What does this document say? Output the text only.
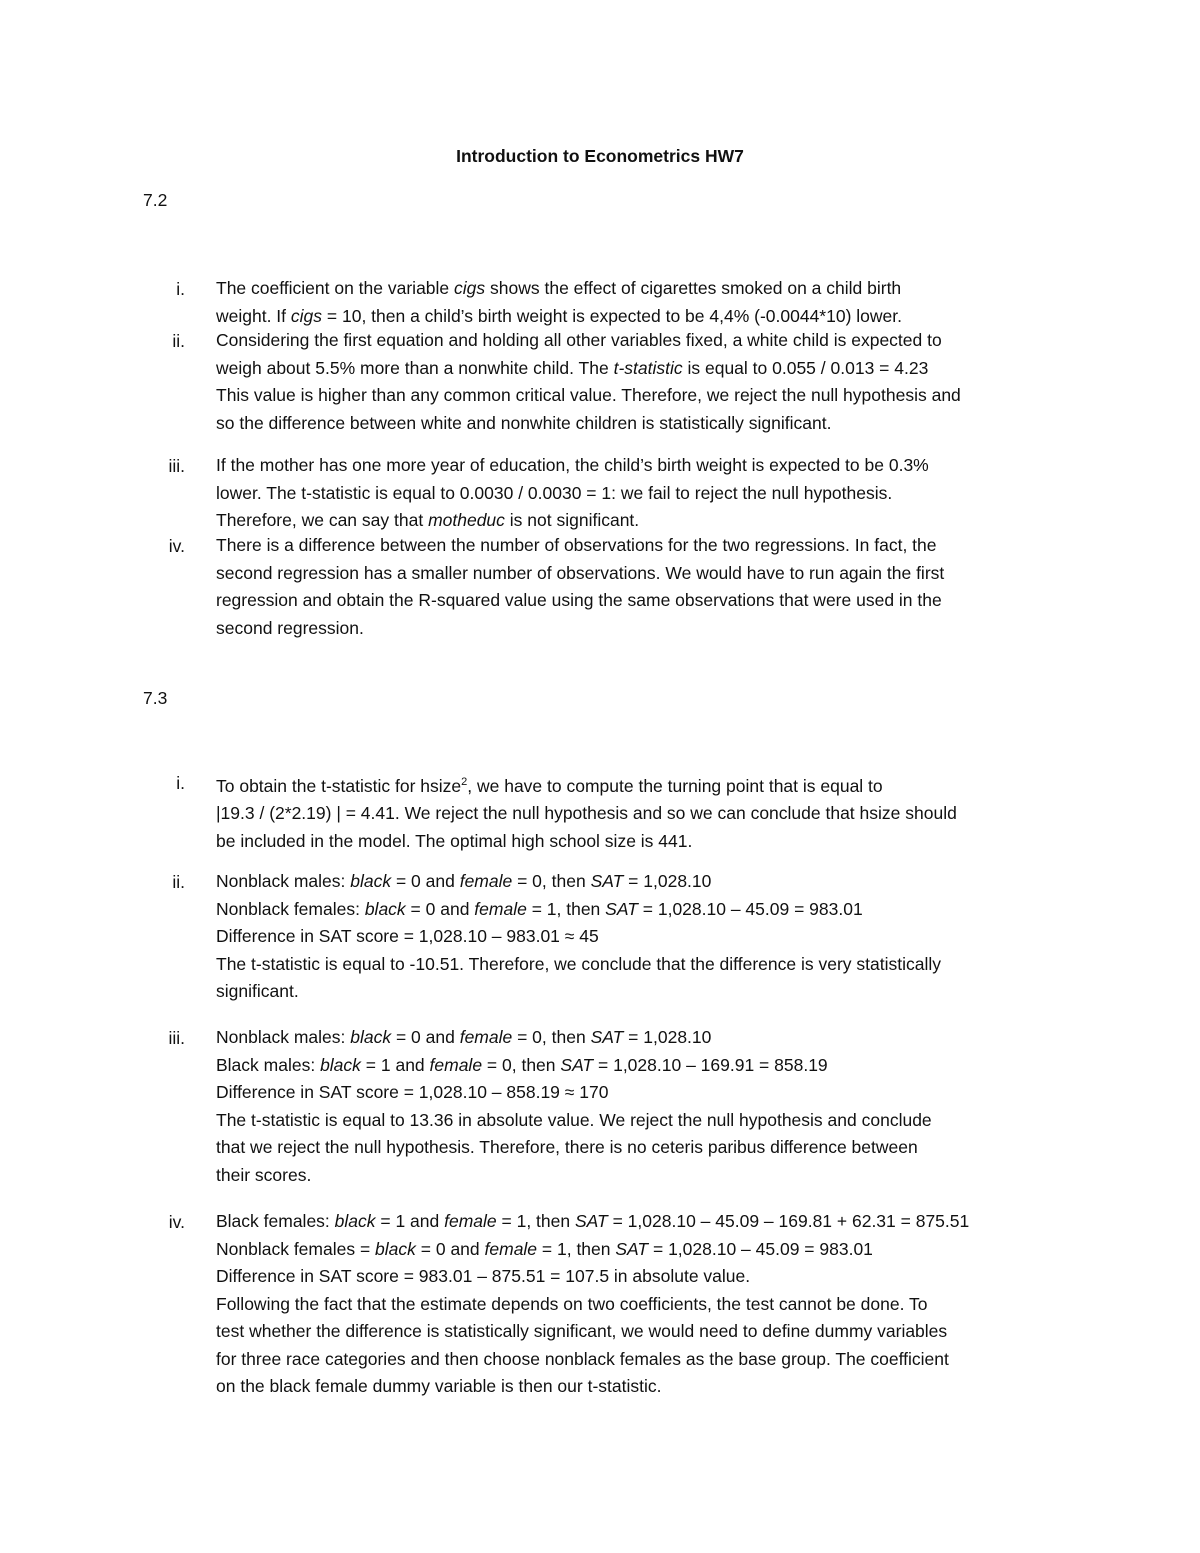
Introduction to Econometrics HW7
7.2
i. The coefficient on the variable cigs shows the effect of cigarettes smoked on a child birth
weight. If cigs = 10, then a child’s birth weight is expected to be 4,4% (-0.0044*10) lower.
ii. Considering the first equation and holding all other variables fixed, a white child is expected to
weigh about 5.5% more than a nonwhite child. The t-statistic is equal to 0.055 / 0.013 = 4.23
This value is higher than any common critical value. Therefore, we reject the null hypothesis and
so the difference between white and nonwhite children is statistically significant.
iii. If the mother has one more year of education, the child’s birth weight is expected to be 0.3%
lower. The t-statistic is equal to 0.0030 / 0.0030 = 1: we fail to reject the null hypothesis.
Therefore, we can say that motheduc is not significant.
iv. There is a difference between the number of observations for the two regressions. In fact, the
second regression has a smaller number of observations. We would have to run again the first
regression and obtain the R-squared value using the same observations that were used in the
second regression.
7.3
i. To obtain the t-statistic for hsize$^2$, we have to compute the turning point that is equal to
|19.3 / (2*2.19) | = 4.41. We reject the null hypothesis and so we can conclude that hsize should
be included in the model. The optimal high school size is 441.
ii. Nonblack males: black = 0 and female = 0, then SAT = 1,028.10
Nonblack females: black = 0 and female = 1, then SAT = 1,028.10 – 45.09 = 983.01
Difference in SAT score = 1,028.10 – 983.01 ≈ 45
The t-statistic is equal to -10.51. Therefore, we conclude that the difference is very statistically
significant.
iii. Nonblack males: black = 0 and female = 0, then SAT = 1,028.10
Black males: black = 1 and female = 0, then SAT = 1,028.10 – 169.91 = 858.19
Difference in SAT score = 1,028.10 – 858.19 ≈ 170
The t-statistic is equal to 13.36 in absolute value. We reject the null hypothesis and conclude
that we reject the null hypothesis. Therefore, there is no ceteris paribus difference between
their scores.
iv. Black females: black = 1 and female = 1, then SAT = 1,028.10 – 45.09 – 169.81 + 62.31 = 875.51
Nonblack females = black = 0 and female = 1, then SAT = 1,028.10 – 45.09 = 983.01
Difference in SAT score = 983.01 – 875.51 = 107.5 in absolute value.
Following the fact that the estimate depends on two coefficients, the test cannot be done. To
test whether the difference is statistically significant, we would need to define dummy variables
for three race categories and then choose nonblack females as the base group. The coefficient
on the black female dummy variable is then our t-statistic.
